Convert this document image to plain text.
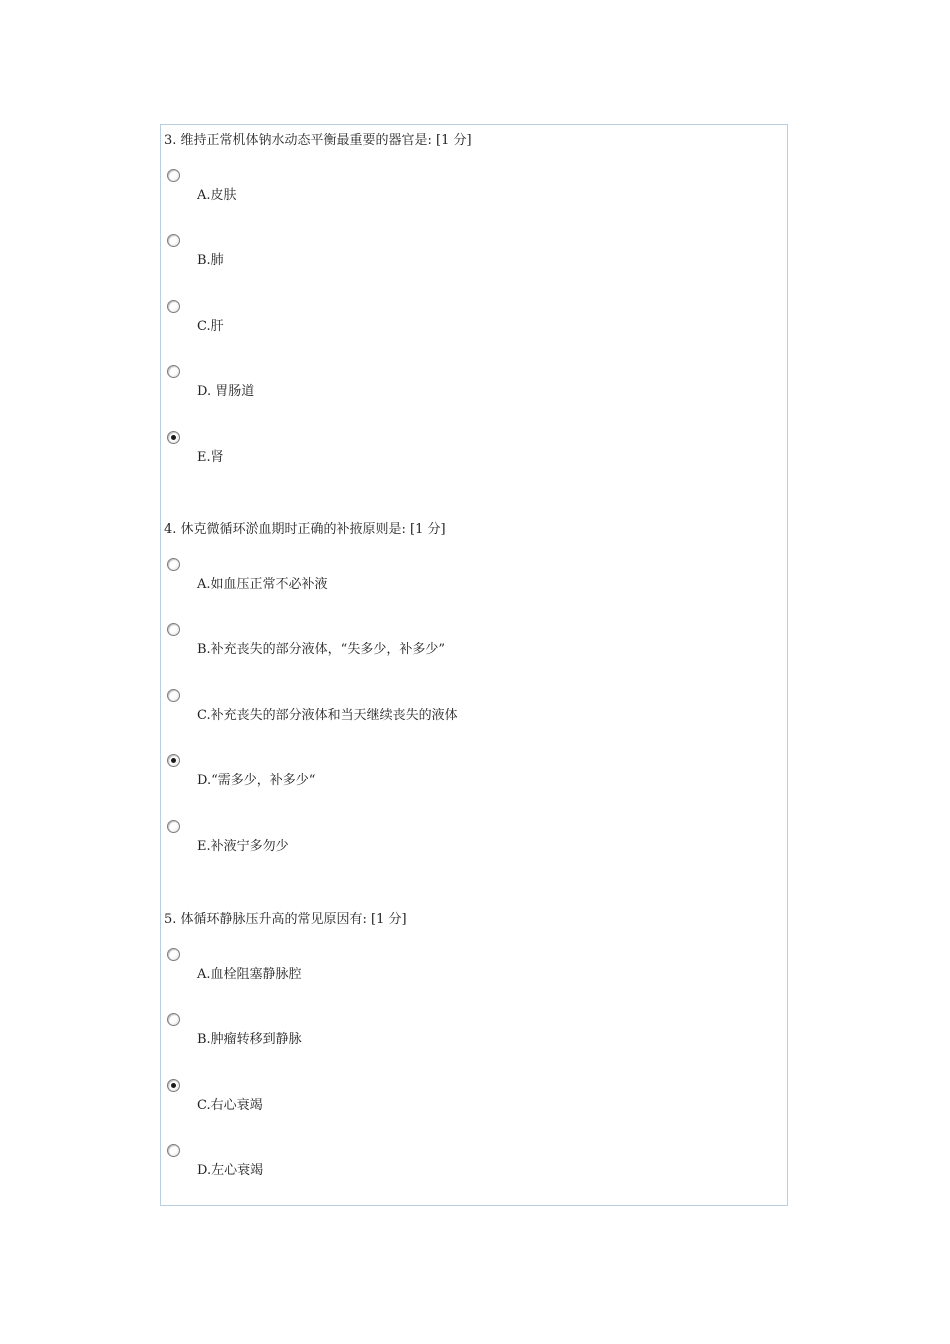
3. 维持正常机体钠水动态平衡最重要的器官是: [1 分]
A.皮肤
B.肺
C.肝
D. 胃肠道
E.肾
4. 休克微循环淤血期时正确的补掖原则是: [1 分]
A.如血压正常不必补液
B.补充丧失的部分液体，“失多少，补多少”
C.补充丧失的部分液体和当天继续丧失的液体
D.“需多少，补多少“
E.补液宁多勿少
5. 体循环静脉压升高的常见原因有: [1 分]
A.血栓阻塞静脉腔
B.肿瘤转移到静脉
C.右心衰竭
D.左心衰竭
